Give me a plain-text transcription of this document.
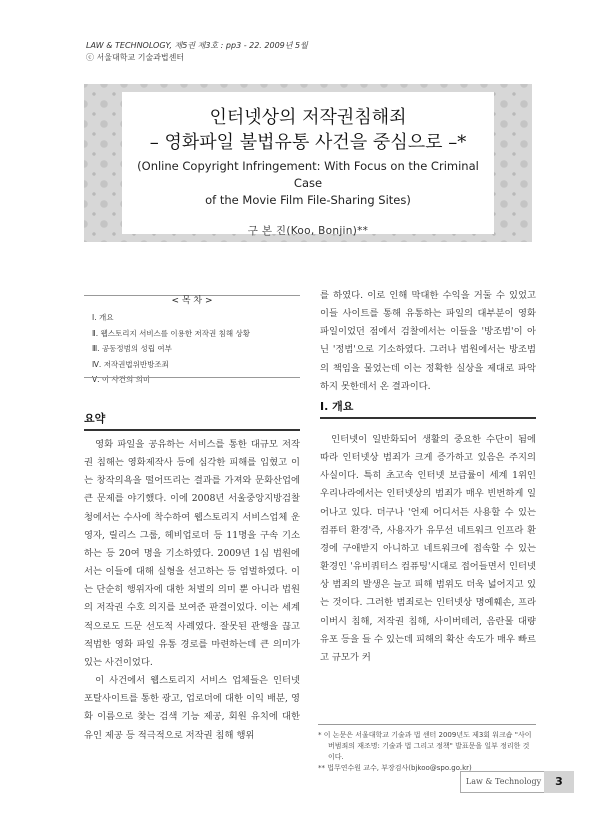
LAW & TECHNOLOGY, 제5권 제3호 : pp3 - 22. 2009년 5월
ⓒ 서울대학교 기술과법센터
인터넷상의 저작권침해죄
– 영화파일 불법유통 사건을 중심으로 –*
(Online Copyright Infringement: With Focus on the Criminal Case
of the Movie Film File-Sharing Sites)
구 본 진(Koo, Bonjin)**
< 목 차 >
Ⅰ. 개요
Ⅱ. 웹스토리지 서비스를 이용한 저작권 침해 상황
Ⅲ. 공동정범의 성립 여부
Ⅳ. 저작권법위반방조죄
Ⅴ. 이 사건의 의미
요약

영화 파일을 공유하는 서비스를 통한 대규모 저작권 침해는 영화제작사 등에 심각한 피해를 입혔고 이는 창작의욕을 떨어뜨리는 결과를 가져와 문화산업에 큰 문제를 야기했다. 이에 2008년 서울중앙지방검찰청에서는 수사에 착수하여 웹스토리지 서비스업체 운영자, 릴리스 그룹, 헤비업로더 등 11명을 구속 기소하는 등 20여 명을 기소하였다. 2009년 1심 법원에서는 이들에 대해 실형을 선고하는 등 엄벌하였다. 이는 단순히 행위자에 대한 처벌의 의미 뿐 아니라 법원의 저작권 수호 의지를 보여준 판결이었다. 이는 세계적으로도 드문 선도적 사례였다. 잘못된 관행을 끊고 적법한 영화 파일 유통 경로를 마련하는데 큰 의미가 있는 사건이었다.

이 사건에서 웹스토리지 서비스 업체들은 인터넷 포탈사이트를 통한 광고, 업로더에 대한 이익 배분, 영화 이름으로 찾는 검색 기능 제공, 회원 유치에 대한 유인 제공 등 적극적으로 저작권 침해 행위

를 하였다. 이로 인해 막대한 수익을 거둘 수 있었고 이들 사이트를 통해 유통하는 파일의 대부분이 영화 파일이었던 점에서 검찰에서는 이들을 '방조범'이 아닌 '정범'으로 기소하였다. 그러나 법원에서는 방조범의 책임을 물었는데 이는 정확한 실상을 제대로 파악하지 못한데서 온 결과이다.

Ⅰ. 개요

인터넷이 일반화되어 생활의 중요한 수단이 됨에 따라 인터넷상 범죄가 크게 증가하고 있음은 주지의 사실이다. 특히 초고속 인터넷 보급률이 세계 1위인 우리나라에서는 인터넷상의 범죄가 매우 빈번하게 일어나고 있다. 더구나 '언제 어디서든 사용할 수 있는 컴퓨터 환경'즉, 사용자가 유무선 네트워크 인프라 환경에 구애받지 아니하고 네트워크에 접속할 수 있는 환경인 '유비쿼터스 컴퓨팅'시대로 접어들면서 인터넷상 범죄의 발생은 늘고 피해 범위도 더욱 넓어지고 있는 것이다. 그러한 범죄로는 인터넷상 명예훼손, 프라이버시 침해, 저작권 침해, 사이버테러, 음란물 대량 유포 등을 들 수 있는데 피해의 확산 속도가 매우 빠르고 규모가 커

* 이 논문은 서울대학교 기술과 법 센터 2009년도 제3회 워크숍 "사이버범죄의 재조명: 기술과 법 그리고 정책" 발표문을 일부 정리한 것이다.
** 법무연수원 교수, 부장검사(bjkoo@spo.go.kr)
Law & Technology	3
